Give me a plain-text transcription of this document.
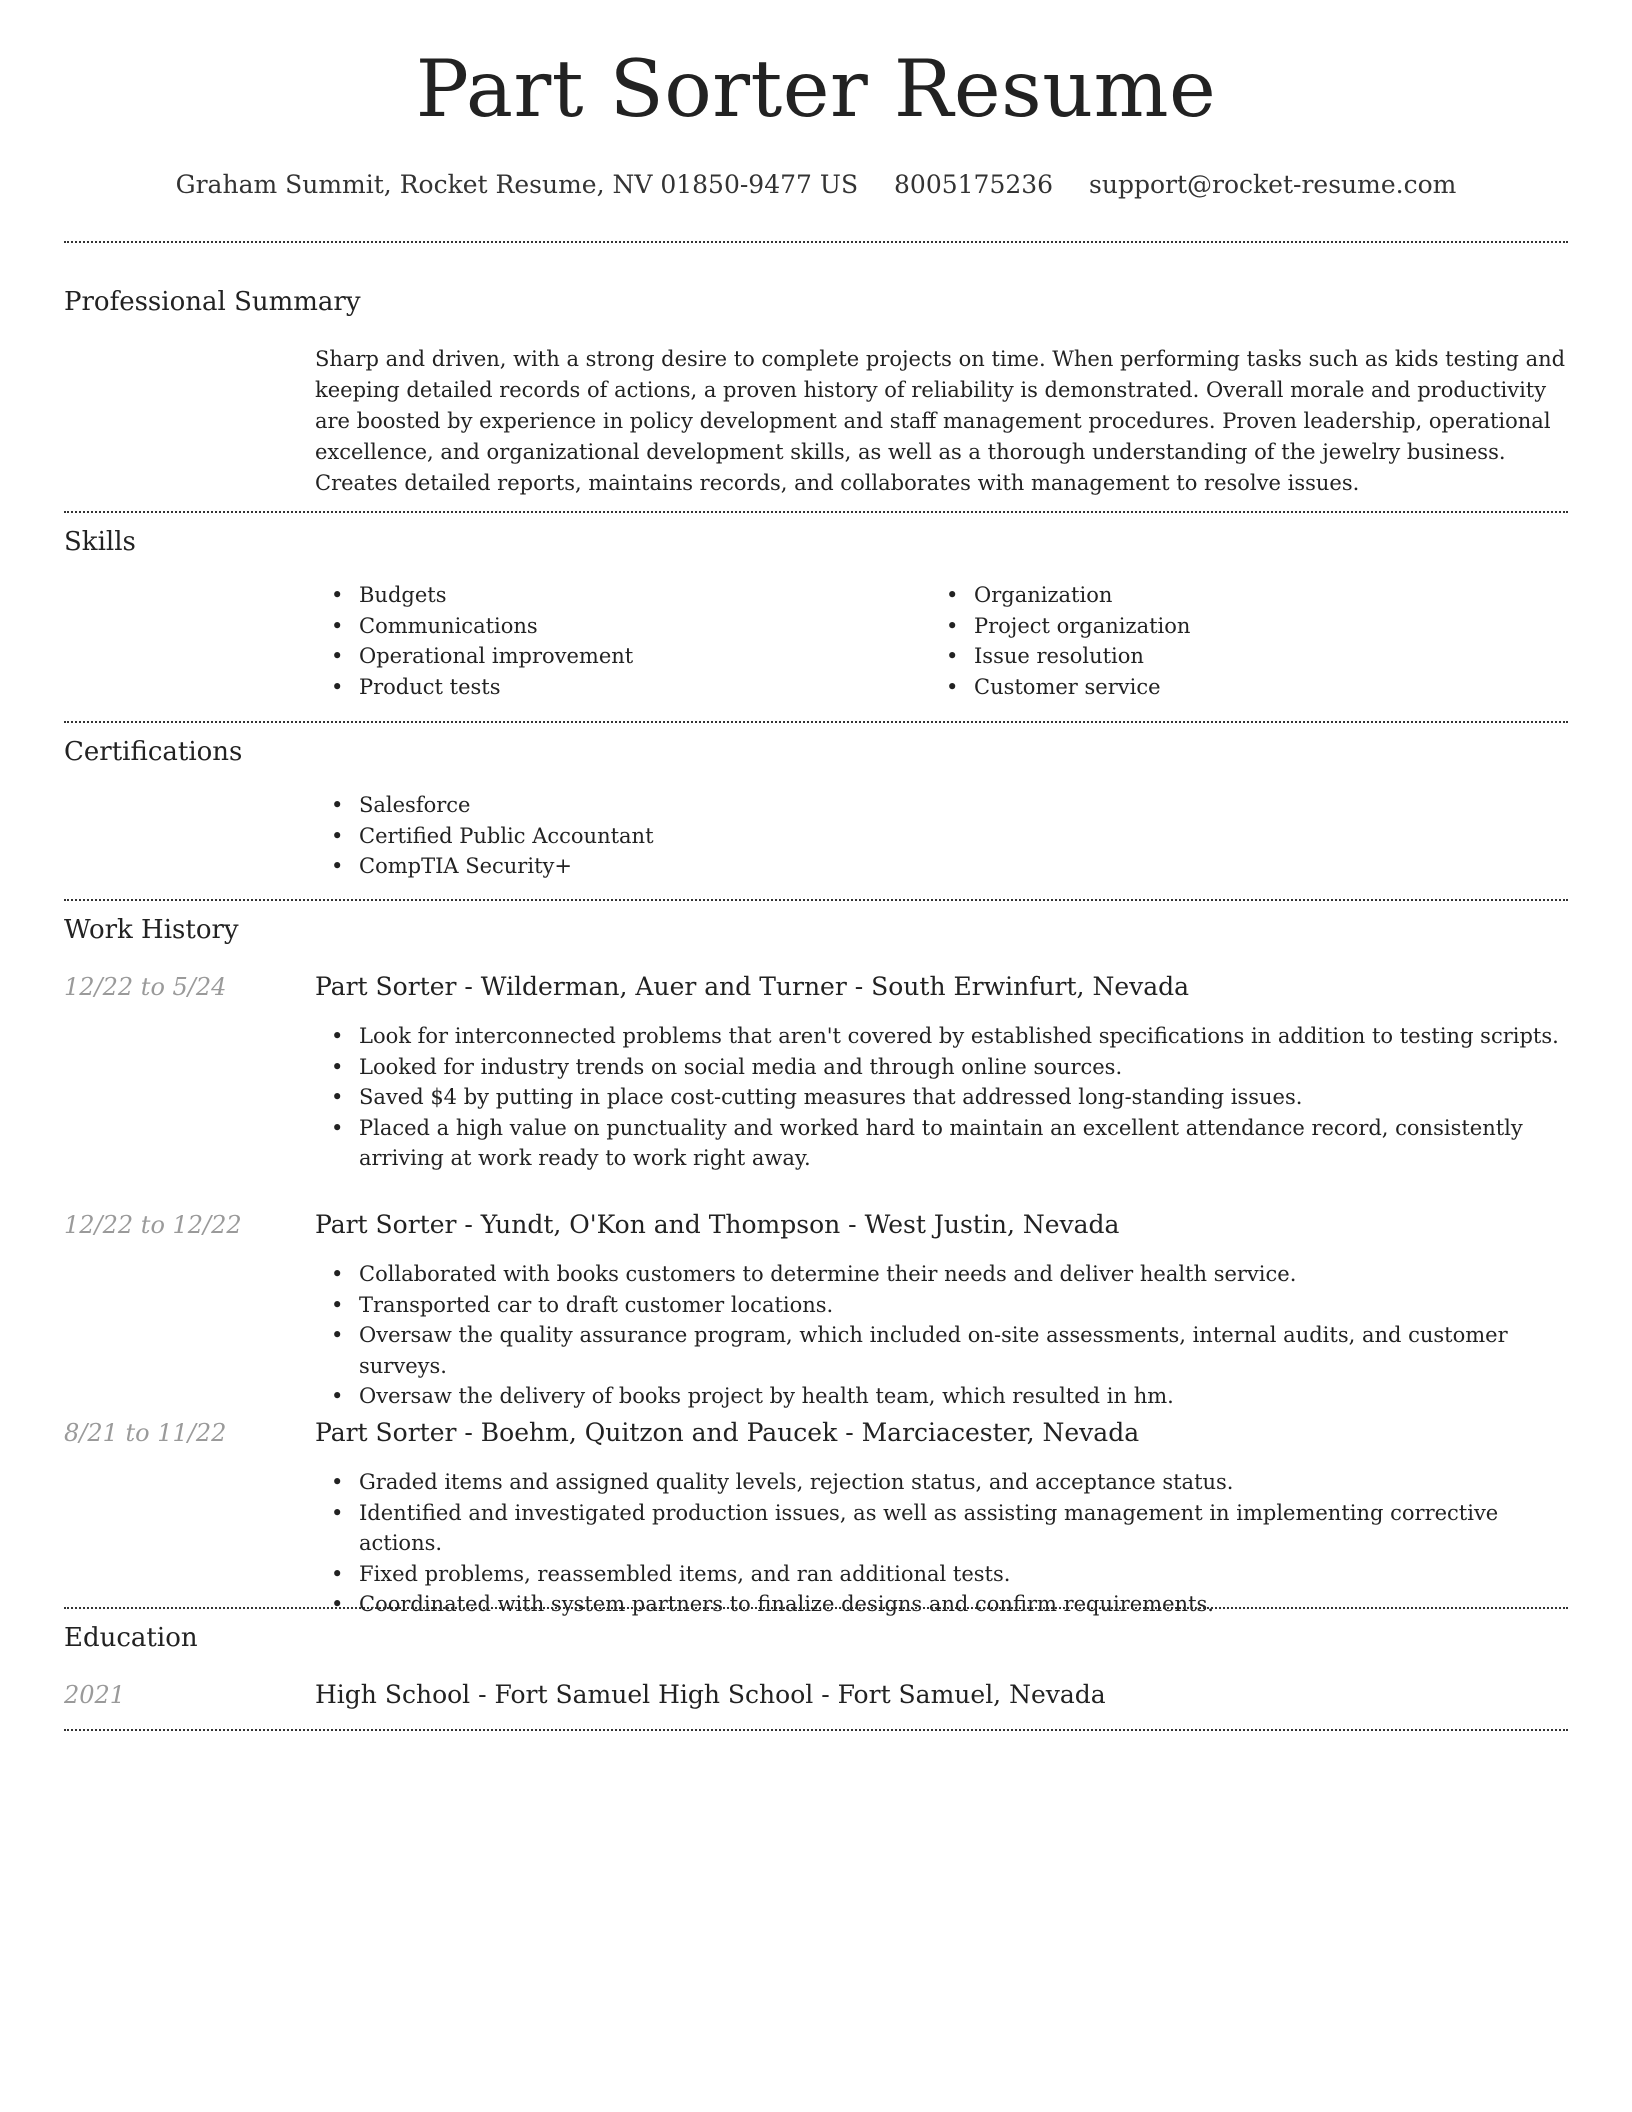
Part Sorter Resume
Graham Summit, Rocket Resume, NV 01850-9477 US 8005175236 support@rocket-resume.com
Professional Summary

Sharp and driven, with a strong desire to complete projects on time. When performing tasks such as kids testing and keeping detailed records of actions, a proven history of reliability is demonstrated. Overall morale and productivity are boosted by experience in policy development and staff management procedures. Proven leadership, operational excellence, and organizational development skills, as well as a thorough understanding of the jewelry business. Creates detailed reports, maintains records, and collaborates with management to resolve issues.

Skills
• Budgets
• Communications
• Operational improvement
• Product tests
• Organization
• Project organization
• Issue resolution
• Customer service
Certifications
• Salesforce
• Certified Public Accountant
• CompTIA Security+
Work History
12/22 to 5/24	Part Sorter - Wilderman, Auer and Turner - South Erwinfurt, Nevada
• Look for interconnected problems that aren't covered by established specifications in addition to testing scripts.
• Looked for industry trends on social media and through online sources.
• Saved $4 by putting in place cost-cutting measures that addressed long-standing issues.
• Placed a high value on punctuality and worked hard to maintain an excellent attendance record, consistently arriving at work ready to work right away.
12/22 to 12/22	Part Sorter - Yundt, O'Kon and Thompson - West Justin, Nevada
• Collaborated with books customers to determine their needs and deliver health service.
• Transported car to draft customer locations.
• Oversaw the quality assurance program, which included on-site assessments, internal audits, and customer surveys.
• Oversaw the delivery of books project by health team, which resulted in hm.
8/21 to 11/22	Part Sorter - Boehm, Quitzon and Paucek - Marciacester, Nevada
• Graded items and assigned quality levels, rejection status, and acceptance status.
• Identified and investigated production issues, as well as assisting management in implementing corrective actions.
• Fixed problems, reassembled items, and ran additional tests.
• Coordinated with system partners to finalize designs and confirm requirements.
Education
2021	High School - Fort Samuel High School - Fort Samuel, Nevada
